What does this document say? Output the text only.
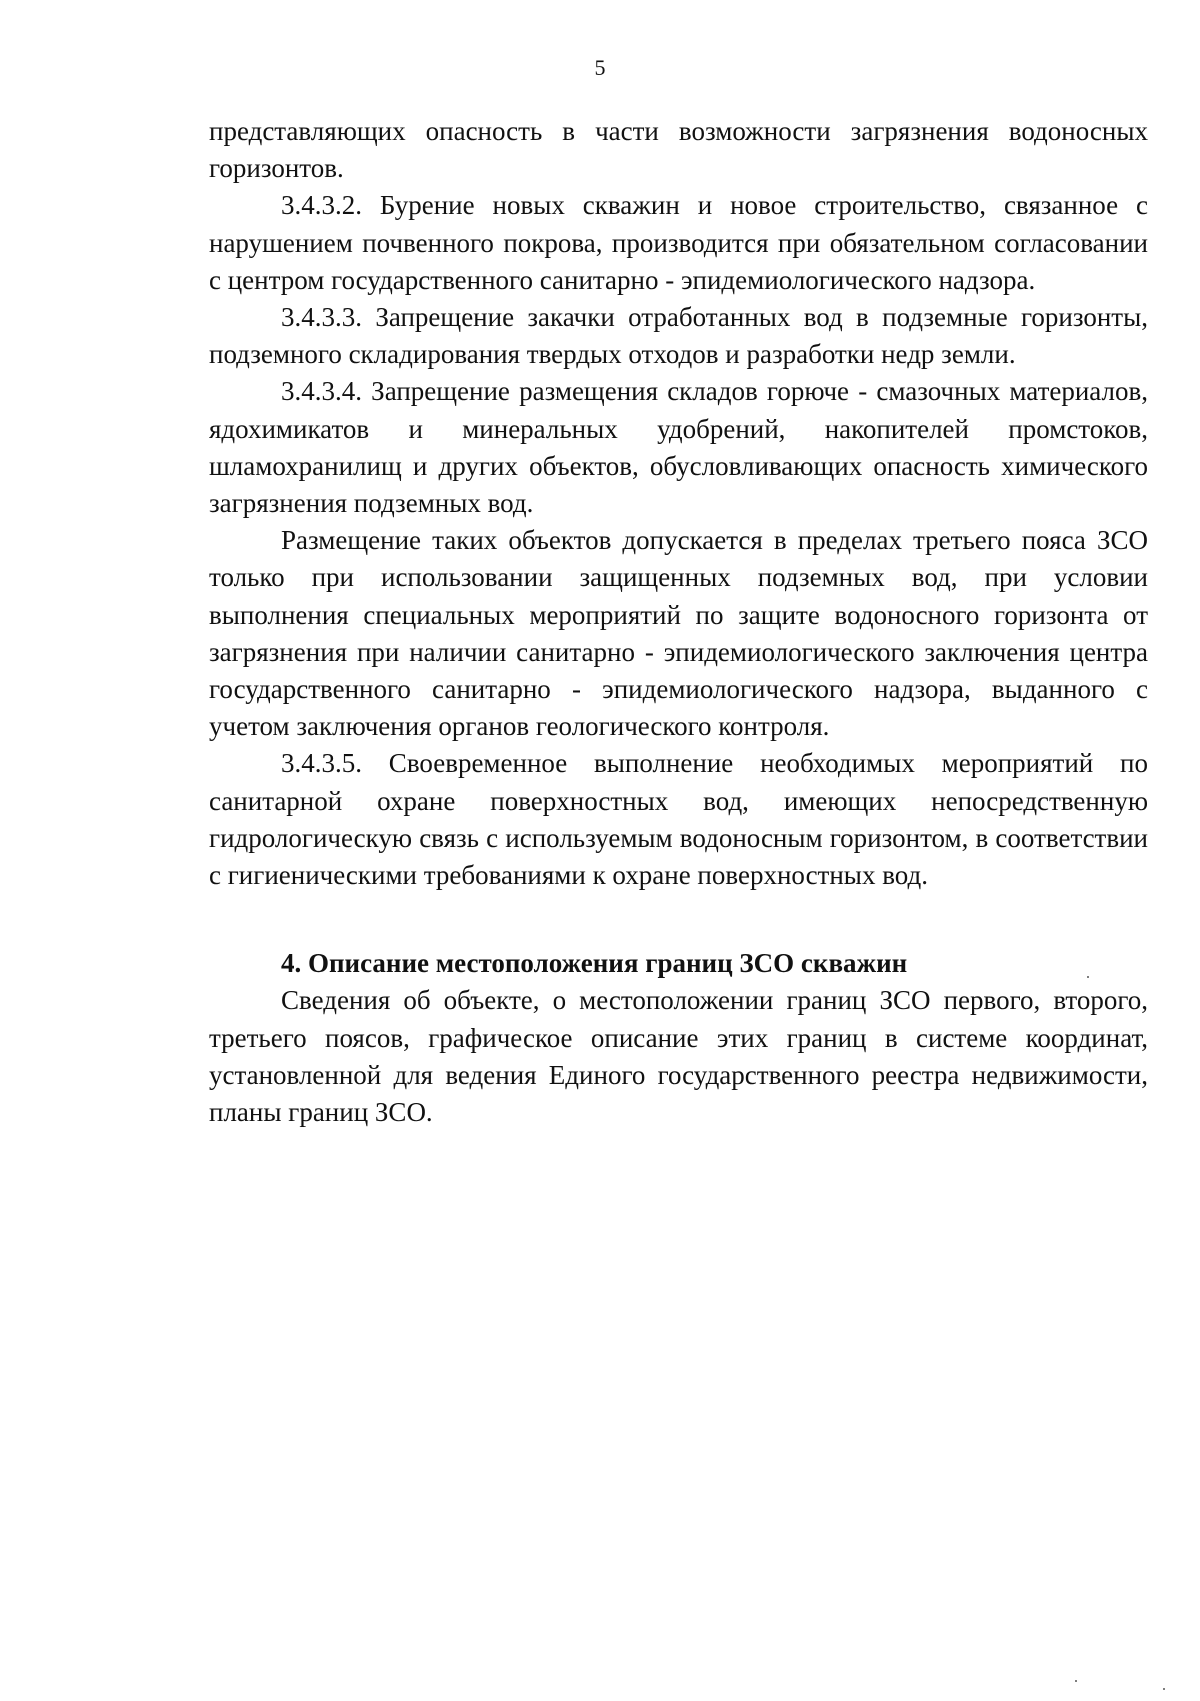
5

представляющих опасность в части возможности загрязнения водоносных горизонтов.

3.4.3.2. Бурение новых скважин и новое строительство, связанное с нарушением почвенного покрова, производится при обязательном согласовании с центром государственного санитарно - эпидемиологического надзора.

3.4.3.3. Запрещение закачки отработанных вод в подземные горизонты, подземного складирования твердых отходов и разработки недр земли.

3.4.3.4. Запрещение размещения складов горюче - смазочных материалов, ядохимикатов и минеральных удобрений, накопителей промстоков, шламохранилищ и других объектов, обусловливающих опасность химического загрязнения подземных вод.

Размещение таких объектов допускается в пределах третьего пояса ЗСО только при использовании защищенных подземных вод, при условии выполнения специальных мероприятий по защите водоносного горизонта от загрязнения при наличии санитарно - эпидемиологического заключения центра государственного санитарно - эпидемиологического надзора, выданного с учетом заключения органов геологического контроля.

3.4.3.5. Своевременное выполнение необходимых мероприятий по санитарной охране поверхностных вод, имеющих непосредственную гидрологическую связь с используемым водоносным горизонтом, в соответствии с гигиеническими требованиями к охране поверхностных вод.

4. Описание местоположения границ ЗСО скважин

Сведения об объекте, о местоположении границ ЗСО первого, второго, третьего поясов, графическое описание этих границ в системе координат, установленной для ведения Единого государственного реестра недвижимости, планы границ ЗСО.
